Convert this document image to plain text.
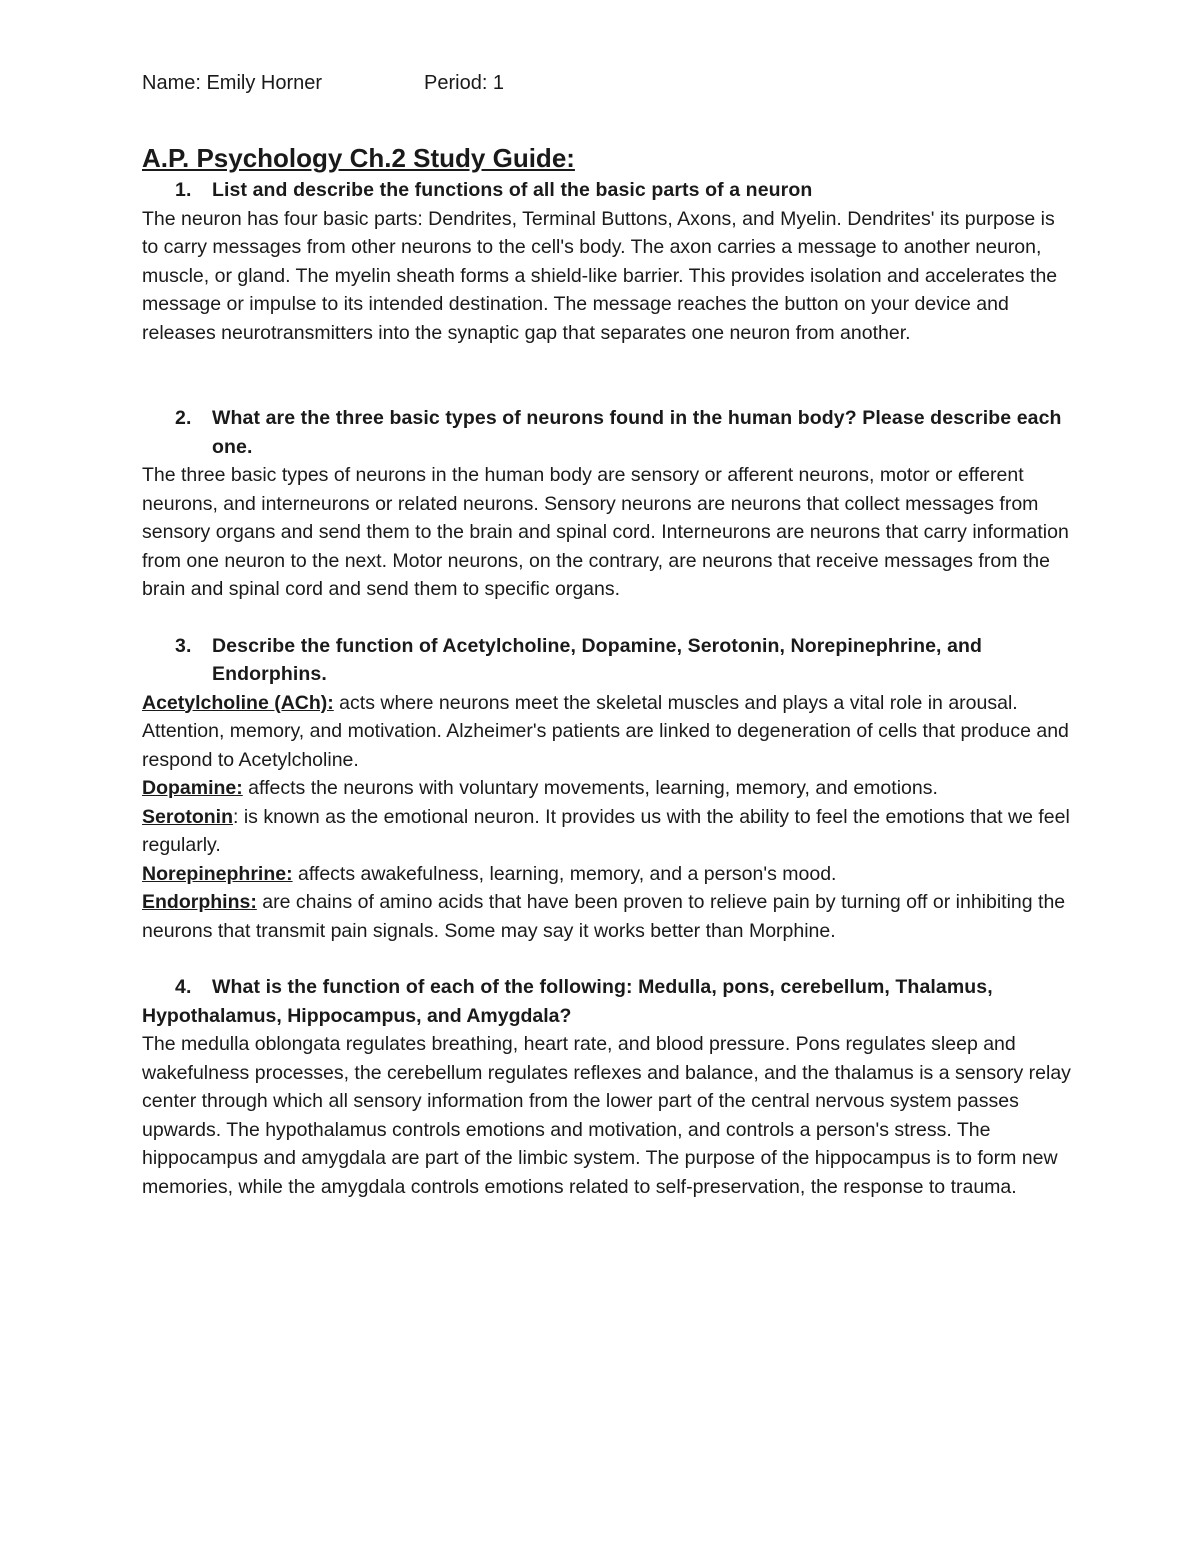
Name: Emily Horner	Period: 1
A.P. Psychology Ch.2 Study Guide:
1. List and describe the functions of all the basic parts of a neuron

The neuron has four basic parts: Dendrites, Terminal Buttons, Axons, and Myelin. Dendrites' its purpose is to carry messages from other neurons to the cell's body. The axon carries a message to another neuron, muscle, or gland. The myelin sheath forms a shield-like barrier. This provides isolation and accelerates the message or impulse to its intended destination. The message reaches the button on your device and releases neurotransmitters into the synaptic gap that separates one neuron from another.

2. What are the three basic types of neurons found in the human body? Please describe each one.

The three basic types of neurons in the human body are sensory or afferent neurons, motor or efferent neurons, and interneurons or related neurons. Sensory neurons are neurons that collect messages from sensory organs and send them to the brain and spinal cord. Interneurons are neurons that carry information from one neuron to the next. Motor neurons, on the contrary, are neurons that receive messages from the brain and spinal cord and send them to specific organs.

3. Describe the function of Acetylcholine, Dopamine, Serotonin, Norepinephrine, and Endorphins.

Acetylcholine (ACh): acts where neurons meet the skeletal muscles and plays a vital role in arousal. Attention, memory, and motivation. Alzheimer's patients are linked to degeneration of cells that produce and respond to Acetylcholine.

Dopamine: affects the neurons with voluntary movements, learning, memory, and emotions.

Serotonin: is known as the emotional neuron. It provides us with the ability to feel the emotions that we feel regularly.

Norepinephrine: affects awakefulness, learning, memory, and a person's mood.

Endorphins: are chains of amino acids that have been proven to relieve pain by turning off or inhibiting the neurons that transmit pain signals. Some may say it works better than Morphine.

4. What is the function of each of the following: Medulla, pons, cerebellum, Thalamus,
Hypothalamus, Hippocampus, and Amygdala?

The medulla oblongata regulates breathing, heart rate, and blood pressure. Pons regulates sleep and wakefulness processes, the cerebellum regulates reflexes and balance, and the thalamus is a sensory relay center through which all sensory information from the lower part of the central nervous system passes upwards. The hypothalamus controls emotions and motivation, and controls a person's stress. The hippocampus and amygdala are part of the limbic system. The purpose of the hippocampus is to form new memories, while the amygdala controls emotions related to self-preservation, the response to trauma.
